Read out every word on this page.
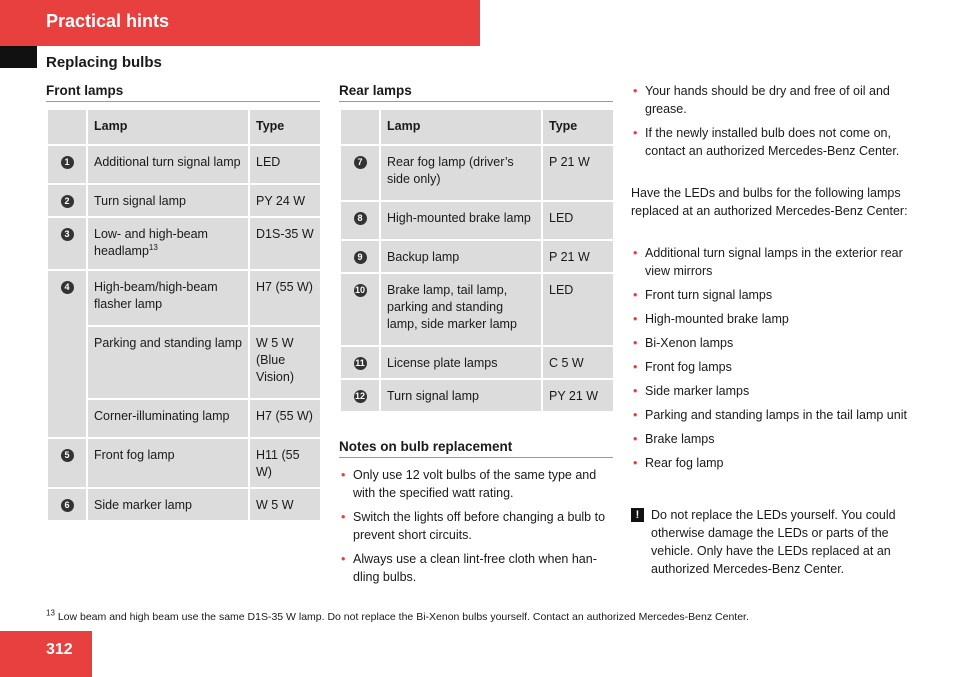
Practical hints
Replacing bulbs
Front lamps
	Lamp	Type
1	Additional turn signal lamp	LED
2	Turn signal lamp	PY 24 W
3	Low- and high-beam headlamp$^{13}$	D1S-35 W
4	High-beam/high-beam flasher lamp	H7 (55 W)
	Parking and standing lamp	W 5 W (Blue Vision)
	Corner-illuminating lamp	H7 (55 W)
5	Front fog lamp	H11 (55 W)
6	Side marker lamp	W 5 W
Rear lamps
	Lamp	Type
7	Rear fog lamp (driver’s side only)	P 21 W
8	High-mounted brake lamp	LED
9	Backup lamp	P 21 W
10	Brake lamp, tail lamp, parking and standing lamp, side marker lamp	LED
11	License plate lamps	C 5 W
12	Turn signal lamp	PY 21 W
Notes on bulb replacement
• Only use 12 volt bulbs of the same type and with the specified watt rating.
• Switch the lights off before changing a bulb to prevent short circuits.
• Always use a clean lint-free cloth when han-dling bulbs.
• Your hands should be dry and free of oil and grease.
• If the newly installed bulb does not come on, contact an authorized Mercedes-Benz Center.

Have the LEDs and bulbs for the following lamps replaced at an authorized Mercedes-Benz Center:

• Additional turn signal lamps in the exterior rear view mirrors
• Front turn signal lamps
• High-mounted brake lamp
• Bi-Xenon lamps
• Front fog lamps
• Side marker lamps
• Parking and standing lamps in the tail lamp unit
• Brake lamps
• Rear fog lamp
! Do not replace the LEDs yourself. You could otherwise damage the LEDs or parts of the vehicle. Only have the LEDs replaced at an authorized Mercedes-Benz Center.
$^{13}$ Low beam and high beam use the same D1S-35 W lamp. Do not replace the Bi-Xenon bulbs yourself. Contact an authorized Mercedes-Benz Center.
312
